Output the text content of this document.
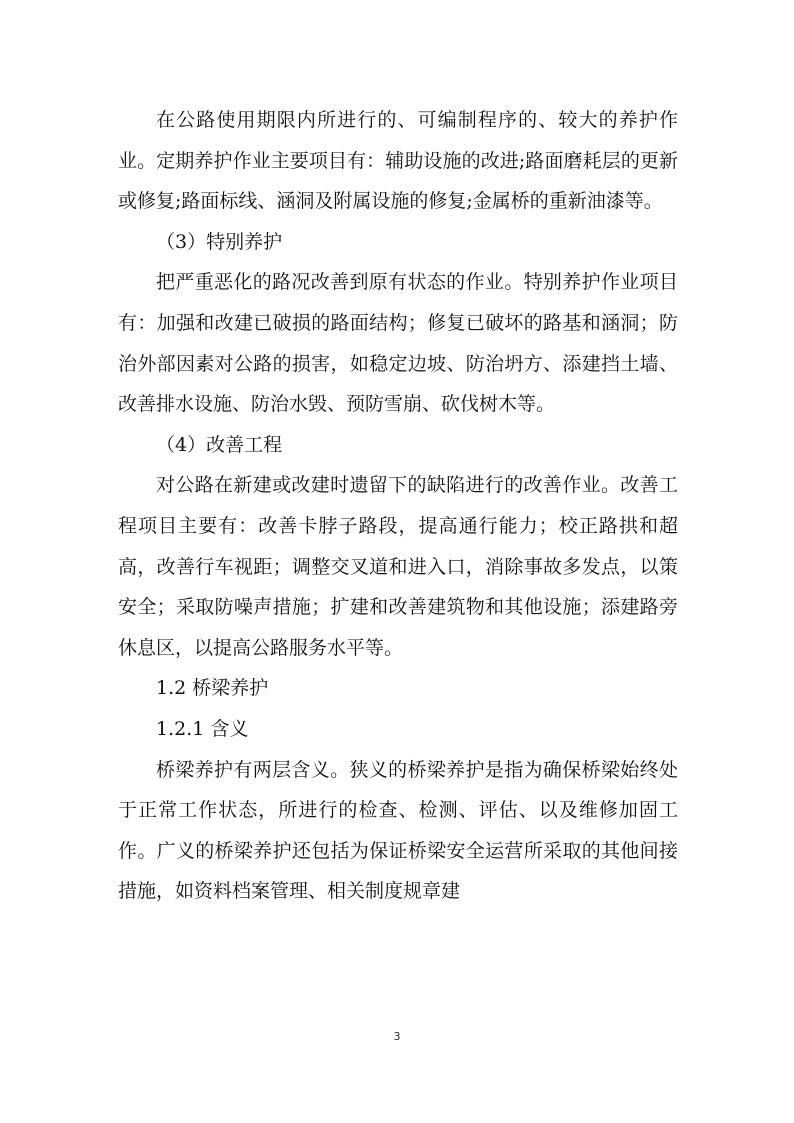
在公路使用期限内所进行的、可编制程序的、较大的养护作业。定期养护作业主要项目有：辅助设施的改进;路面磨耗层的更新或修复;路面标线、涵洞及附属设施的修复;金属桥的重新油漆等。

（3）特别养护

把严重恶化的路况改善到原有状态的作业。特别养护作业项目有：加强和改建已破损的路面结构；修复已破坏的路基和涵洞；防治外部因素对公路的损害，如稳定边坡、防治坍方、添建挡土墙、改善排水设施、防治水毁、预防雪崩、砍伐树木等。

（4）改善工程

对公路在新建或改建时遗留下的缺陷进行的改善作业。改善工程项目主要有：改善卡脖子路段，提高通行能力；校正路拱和超高，改善行车视距；调整交叉道和进入口，消除事故多发点，以策安全；采取防噪声措施；扩建和改善建筑物和其他设施；添建路旁休息区，以提高公路服务水平等。

1.2 桥梁养护

1.2.1 含义

桥梁养护有两层含义。狭义的桥梁养护是指为确保桥梁始终处于正常工作状态，所进行的检查、检测、评估、以及维修加固工作。广义的桥梁养护还包括为保证桥梁安全运营所采取的其他间接措施，如资料档案管理、相关制度规章建

3
